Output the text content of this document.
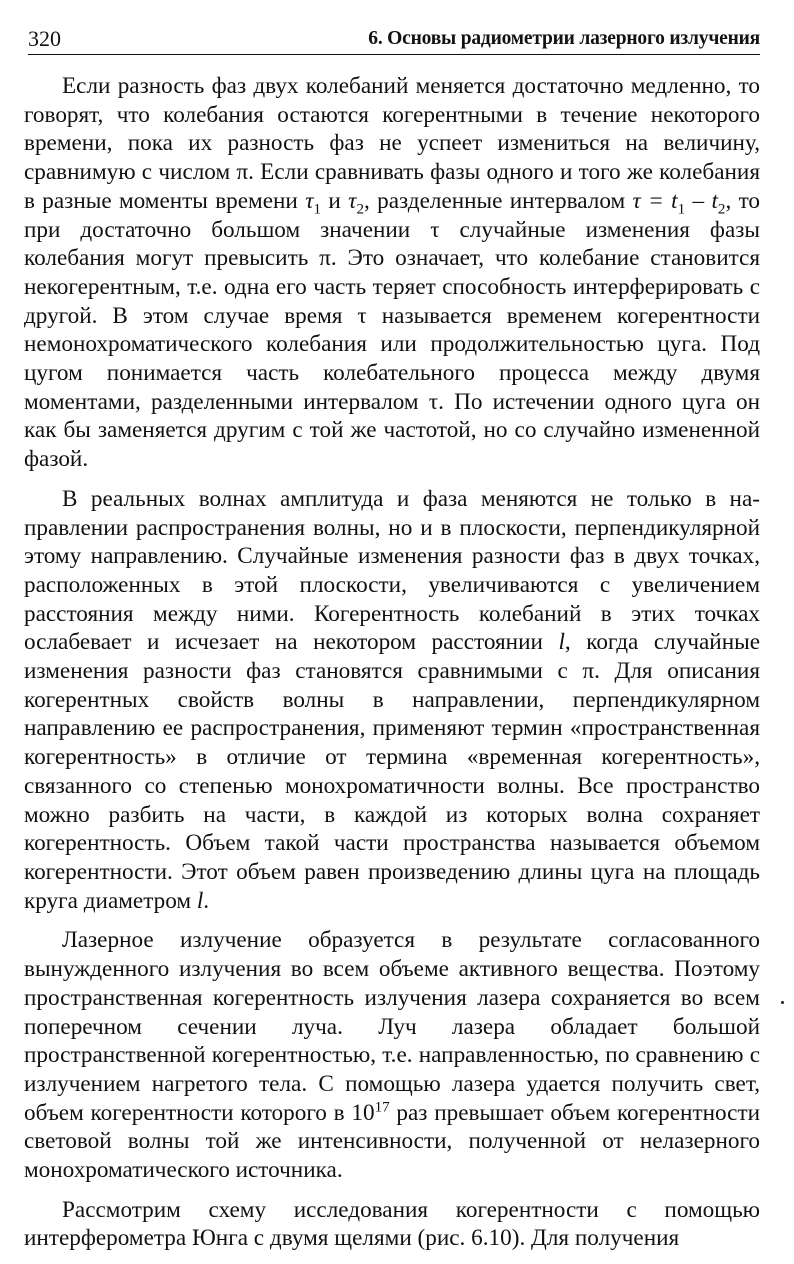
320	6. Основы радиометрии лазерного излучения

Если разность фаз двух колебаний меняется достаточно медленно, то говорят, что колебания остаются когерентными в течение некоторого времени, пока их разность фаз не успеет измениться на величину, сравнимую с числом π. Если сравнивать фазы одного и того же колебания в разные моменты времени $\tau_1$ и $\tau_2$, разделенные интервалом $\tau = t_1 - t_2$, то при достаточно большом значении τ случайные изменения фазы колебания могут превысить π. Это означает, что колебание становится некогерентным, т.е. одна его часть теряет способность интерферировать с другой. В этом случае время τ называется временем когерентности немонохроматического колебания или продолжительностью цуга. Под цугом понимается часть колебательного процесса между двумя моментами, разделенными интервалом τ. По истечении одного цуга он как бы заменяется другим с той же частотой, но со случайно измененной фазой.

В реальных волнах амплитуда и фаза меняются не только в направлении распространения волны, но и в плоскости, перпендикулярной этому направлению. Случайные изменения разности фаз в двух точках, расположенных в этой плоскости, увеличиваются с увеличением расстояния между ними. Когерентность колебаний в этих точках ослабевает и исчезает на некотором расстоянии l, когда случайные изменения разности фаз становятся сравнимыми с π. Для описания когерентных свойств волны в направлении, перпендикулярном направлению ее распространения, применяют термин «пространственная когерентность» в отличие от термина «временная когерентность», связанного со степенью монохроматичности волны. Все пространство можно разбить на части, в каждой из которых волна сохраняет когерентность. Объем такой части пространства называется объемом когерентности. Этот объем равен произведению длины цуга на площадь круга диаметром l.

Лазерное излучение образуется в результате согласованного вынужденного излучения во всем объеме активного вещества. Поэтому пространственная когерентность излучения лазера сохраняется во всем поперечном сечении луча. Луч лазера обладает большой пространственной когерентностью, т.е. направленностью, по сравнению с излучением нагретого тела. С помощью лазера удается получить свет, объем когерентности которого в $10^{17}$ раз превышает объем когерентности световой волны той же интенсивности, полученной от нелазерного монохроматического источника.

Рассмотрим схему исследования когерентности с помощью интерферометра Юнга с двумя щелями (рис. 6.10). Для получения
